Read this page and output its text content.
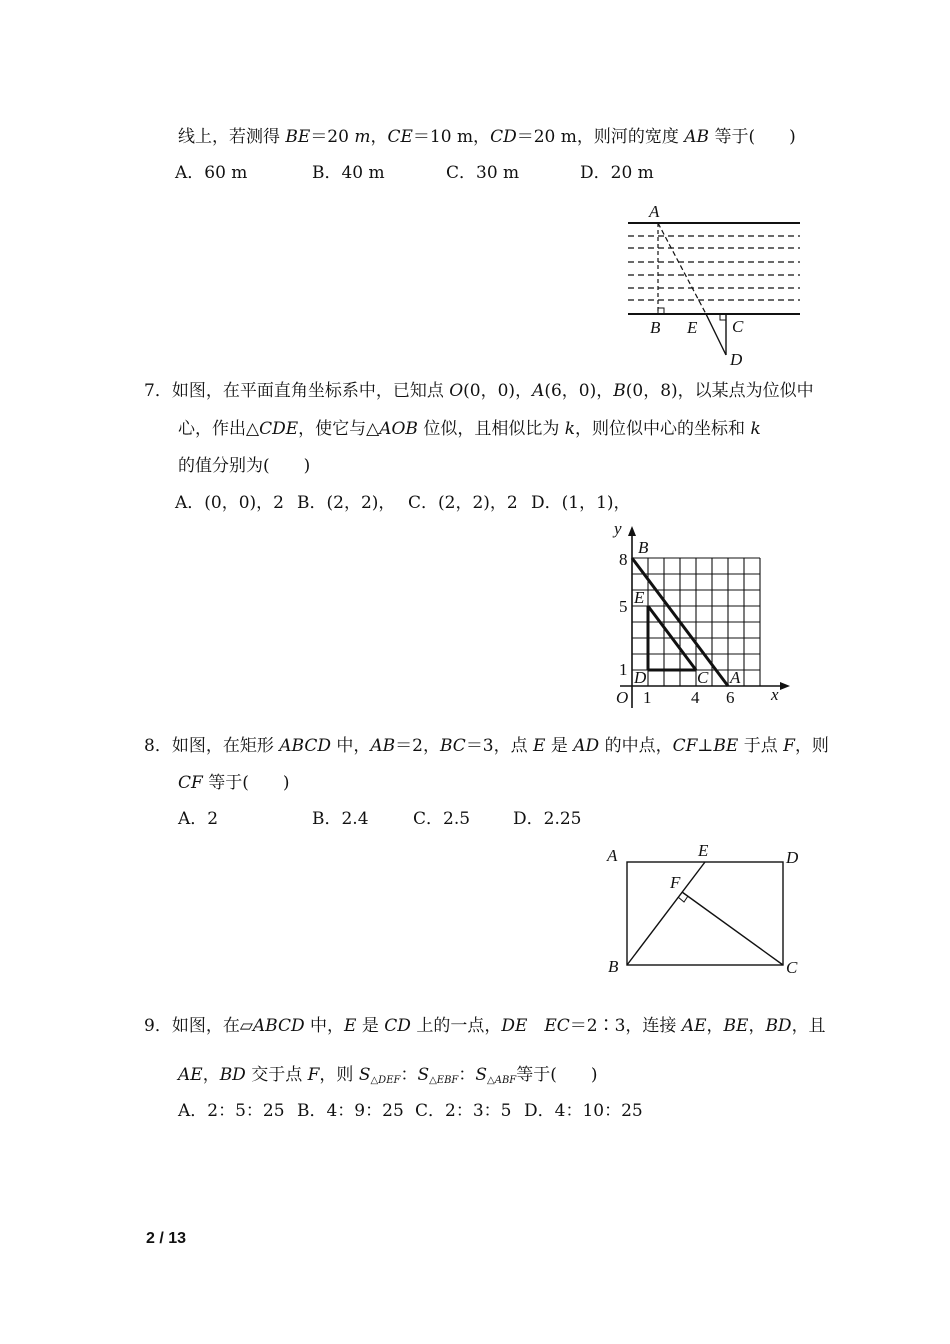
线上，若测得 BE＝20 m，CE＝10 m，CD＝20 m，则河的宽度 AB 等于(　　)
A．60 m	B．40 m	C．30 m	D．20 m
A
B E C
D
7．如图，在平面直角坐标系中，已知点 O(0，0)，A(6，0)，B(0，8)，以某点为位似中
心，作出△CDE，使它与△AOB 位似，且相似比为 k，则位似中心的坐标和 k
的值分别为(　　)
A．(0，0)，2 B．(2，2)， C．(2，2)，2 D．(1，1)，
y
B
8
E
5
1 D	C A
O 1 4 6 x
8．如图，在矩形 ABCD 中，AB＝2，BC＝3，点 E 是 AD 的中点，CF⊥BE 于点 F，则
CF 等于(　　)
A．2	B．2.4	C．2.5	D．2.25
A	E	D
F
B	C
9．如图，在▱ABCD 中，E 是 CD 上的一点，DE　 EC＝2∶3，连接 AE，BE，BD，且
AE，BD 交于点 F，则 $S_{\triangle DEF}$：$S_{\triangle EBF}$：$S_{\triangle ABF}$等于(　　)
A．2：5：25 B．4：9：25 C．2：3：5 D．4：10：25
2 / 13
